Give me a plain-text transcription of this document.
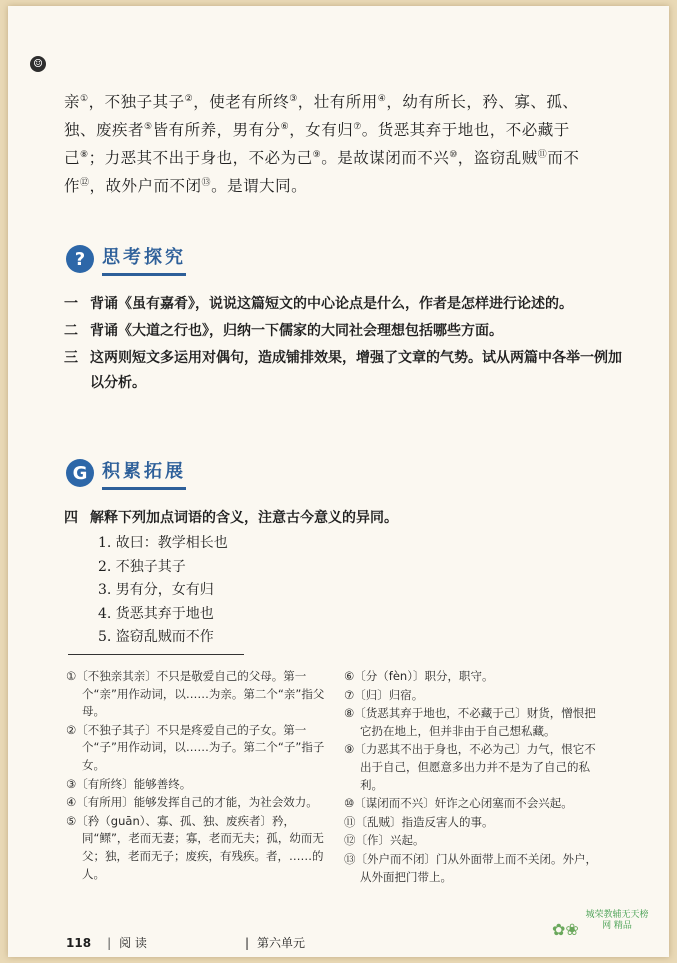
☺
亲①，不独子其子②，使老有所终③，壮有所用④，幼有所长，矜、寡、孤、
独、废疾者⑤皆有所养，男有分⑥，女有归⑦。货恶其弃于地也，不必藏于
己⑧；力恶其不出于身也，不必为己⑨。是故谋闭而不兴⑩，盗窃乱贼⑪而不
作⑫，故外户而不闭⑬。是谓大同。
? 思考探究
一 背诵《虽有嘉肴》，说说这篇短文的中心论点是什么，作者是怎样进行论述的。
二 背诵《大道之行也》，归纳一下儒家的大同社会理想包括哪些方面。
三 这两则短文多运用对偶句，造成铺排效果，增强了文章的气势。试从两篇中各举一例加以分析。
G 积累拓展
四 解释下列加点词语的含义，注意古今意义的异同。
1. 故曰：教学相长也
2. 不独子其子
3. 男有分，女有归
4. 货恶其弃于地也
5. 盗窃乱贼而不作
①〔不独亲其亲〕不只是敬爱自己的父母。第一个“亲”用作动词，以……为亲。第二个“亲”指父母。
②〔不独子其子〕不只是疼爱自己的子女。第一个“子”用作动词，以……为子。第二个“子”指子女。
③〔有所终〕能够善终。
④〔有所用〕能够发挥自己的才能，为社会效力。
⑤〔矜（guān）、寡、孤、独、废疾者〕矜，同“鳏”，老而无妻；寡，老而无夫；孤，幼而无父；独，老而无子；废疾，有残疾。者，……的人。
⑥〔分（fèn）〕职分，职守。
⑦〔归〕归宿。
⑧〔货恶其弃于地也，不必藏于己〕财货，憎恨把它扔在地上，但并非由于自己想私藏。
⑨〔力恶其不出于身也，不必为己〕力气，恨它不出于自己，但愿意多出力并不是为了自己的私利。
⑩〔谋闭而不兴〕奸诈之心闭塞而不会兴起。
⑪〔乱贼〕指造反害人的事。
⑫〔作〕兴起。
⑬〔外户而不闭〕门从外面带上而不关闭。外户，从外面把门带上。
118 | 阅 读	| 第六单元
✿❀
城荣教辅无天榜网 精品
